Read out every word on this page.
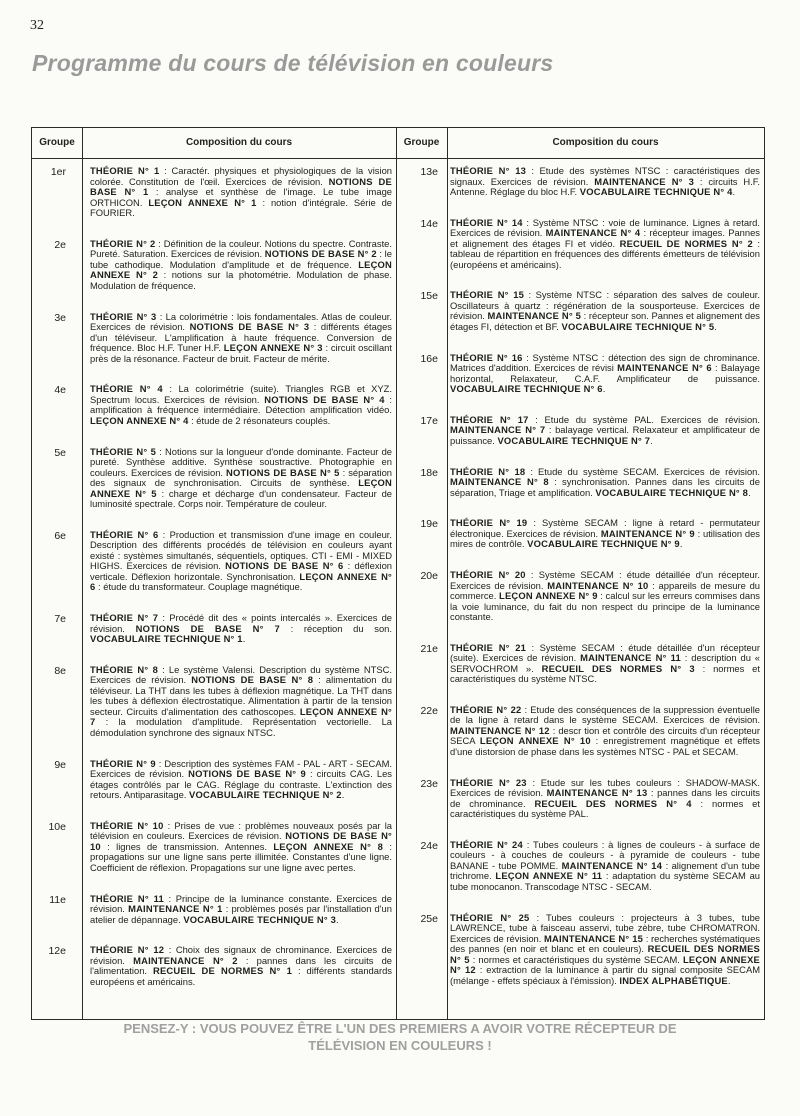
32
Programme du cours de télévision en couleurs
Groupe	Composition du cours	Groupe	Composition du cours
1er	THÉORIE N° 1 : Caractér. physiques et physiologiques de la vision colorée. Constitution de l'œil. Exercices de révision. NOTIONS DE BASE N° 1 : analyse et synthèse de l'image. Le tube image ORTHICON. LEÇON ANNEXE N° 1 : notion d'intégrale. Série de FOURIER.
2e	THÉORIE N° 2 : Définition de la couleur. Notions du spectre. Contraste. Pureté. Saturation. Exercices de révision. NOTIONS DE BASE N° 2 : le tube cathodique. Modulation d'amplitude et de fréquence. LEÇON ANNEXE N° 2 : notions sur la photométrie. Modulation de phase. Modulation de fréquence.
3e	THÉORIE N° 3 : La colorimétrie : lois fondamentales. Atlas de couleur. Exercices de révision. NOTIONS DE BASE N° 3 : différents étages d'un téléviseur. L'amplification à haute fréquence. Conversion de fréquence. Bloc H.F. Tuner H.F. LEÇON ANNEXE N° 3 : circuit oscillant près de la résonance. Facteur de bruit. Facteur de mérite.
4e	THÉORIE N° 4 : La colorimétrie (suite). Triangles RGB et XYZ. Spectrum locus. Exercices de révision. NOTIONS DE BASE N° 4 : amplification à fréquence intermédiaire. Détection amplification vidéo. LEÇON ANNEXE N° 4 : étude de 2 résonateurs couplés.
5e	THÉORIE N° 5 : Notions sur la longueur d'onde dominante. Facteur de pureté. Synthèse additive. Synthèse soustractive. Photographie en couleurs. Exercices de révision. NOTIONS DE BASE N° 5 : séparation des signaux de synchronisation. Circuits de synthèse. LEÇON ANNEXE N° 5 : charge et décharge d'un condensateur. Facteur de luminosité spectrale. Corps noir. Température de couleur.
6e	THÉORIE N° 6 : Production et transmission d'une image en couleur. Description des différents procédés de télévision en couleurs ayant existé : systèmes simultanés, séquentiels, optiques. CTI - EMI - MIXED HIGHS. Exercices de révision. NOTIONS DE BASE N° 6 : déflexion verticale. Déflexion horizontale. Synchronisation. LEÇON ANNEXE N° 6 : étude du transformateur. Couplage magnétique.
7e	THÉORIE N° 7 : Procédé dit des « points intercalés ». Exercices de révision. NOTIONS DE BASE N° 7 : réception du son. VOCABULAIRE TECHNIQUE N° 1.
8e	THÉORIE N° 8 : Le système Valensi. Description du système NTSC. Exercices de révision. NOTIONS DE BASE N° 8 : alimentation du téléviseur. La THT dans les tubes à déflexion magnétique. La THT dans les tubes à déflexion électrostatique. Alimentation à partir de la tension secteur. Circuits d'alimentation des cathoscopes. LEÇON ANNEXE N° 7 : la modulation d'amplitude. Représentation vectorielle. La démodulation synchrone des signaux NTSC.
9e	THÉORIE N° 9 : Description des systèmes FAM - PAL - ART - SECAM. Exercices de révision. NOTIONS DE BASE N° 9 : circuits CAG. Les étages contrôlés par le CAG. Réglage du contraste. L'extinction des retours. Antiparasitage. VOCABULAIRE TECHNIQUE N° 2.
10e	THÉORIE N° 10 : Prises de vue : problèmes nouveaux posés par la télévision en couleurs. Exercices de révision. NOTIONS DE BASE N° 10 : lignes de transmission. Antennes. LEÇON ANNEXE N° 8 : propagations sur une ligne sans perte illimitée. Constantes d'une ligne. Coefficient de réflexion. Propagations sur une ligne avec pertes.
11e	THÉORIE N° 11 : Principe de la luminance constante. Exercices de révision. MAINTENANCE N° 1 : problèmes posés par l'installation d'un atelier de dépannage. VOCABULAIRE TECHNIQUE N° 3.
12e	THÉORIE N° 12 : Choix des signaux de chrominance. Exercices de révision. MAINTENANCE N° 2 : pannes dans les circuits de l'alimentation. RECUEIL DE NORMES N° 1 : différents standards européens et américains.
13e THÉORIE N° 13 : Etude des systèmes NTSC : caractéristiques des signaux. Exercices de révision. MAINTENANCE N° 3 : circuits H.F. Antenne. Réglage du bloc H.F. VOCABULAIRE TECHNIQUE N° 4.
14e THÉORIE N° 14 : Système NTSC : voie de luminance. Lignes à retard. Exercices de révision. MAINTENANCE N° 4 : récepteur images. Pannes et alignement des étages FI et vidéo. RECUEIL DE NORMES N° 2 : tableau de répartition en fréquences des différents émetteurs de télévision (européens et américains).
15e THÉORIE N° 15 : Système NTSC : séparation des salves de couleur. Oscillateurs à quartz : régénération de la sousporteuse. Exercices de révision. MAINTENANCE N° 5 : récepteur son. Pannes et alignement des étages FI, détection et BF. VOCABULAIRE TECHNIQUE N° 5.
16e THÉORIE N° 16 : Système NTSC : détection des sign de chrominance. Matrices d'addition. Exercices de révisi MAINTENANCE N° 6 : Balayage horizontal, Relaxateur, C.A.F. Amplificateur de puissance. VOCABULAIRE TECHNIQUE N° 6.
17e THÉORIE N° 17 : Etude du système PAL. Exercices de révision. MAINTENANCE N° 7 : balayage vertical. Relaxateur et amplificateur de puissance. VOCABULAIRE TECHNIQUE N° 7.
18e THÉORIE N° 18 : Etude du système SECAM. Exercices de révision. MAINTENANCE N° 8 : synchronisation. Pannes dans les circuits de séparation, Triage et amplification. VOCABULAIRE TECHNIQUE N° 8.
19e THÉORIE N° 19 : Système SECAM : ligne à retard - permutateur électronique. Exercices de révision. MAINTENANCE N° 9 : utilisation des mires de contrôle. VOCABULAIRE TECHNIQUE N° 9.
20e THÉORIE N° 20 : Système SECAM : étude détaillée d'un récepteur. Exercices de révision. MAINTENANCE N° 10 : appareils de mesure du commerce. LEÇON ANNEXE N° 9 : calcul sur les erreurs commises dans la voie luminance, du fait du non respect du principe de la luminance constante.
21e THÉORIE N° 21 : Système SECAM : étude détaillée d'un récepteur (suite). Exercices de révision. MAINTENANCE N° 11 : description du « SERVOCHROM ». RECUEIL DES NORMES N° 3 : normes et caractéristiques du système NTSC.
22e THÉORIE N° 22 : Etude des conséquences de la suppression éventuelle de la ligne à retard dans le système SECAM. Exercices de révision. MAINTENANCE N° 12 : descr tion et contrôle des circuits d'un récepteur SECA LEÇON ANNEXE N° 10 : enregistrement magnétique et effets d'une distorsion de phase dans les systèmes NTSC - PAL et SECAM.
23e THÉORIE N° 23 : Etude sur les tubes couleurs : SHADOW-MASK. Exercices de révision. MAINTENANCE N° 13 : pannes dans les circuits de chrominance. RECUEIL DES NORMES N° 4 : normes et caractéristiques du système PAL.
24e THÉORIE N° 24 : Tubes couleurs : à lignes de couleurs - à surface de couleurs - à couches de couleurs - à pyramide de couleurs - tube BANANE - tube POMME. MAINTENANCE N° 14 : alignement d'un tube trichrome. LEÇON ANNEXE N° 11 : adaptation du système SECAM au tube monocanon. Transcodage NTSC - SECAM.
25e THÉORIE N° 25 : Tubes couleurs : projecteurs à 3 tubes, tube LAWRENCE, tube à faisceau asservi, tube zèbre, tube CHROMATRON. Exercices de révision. MAINTENANCE N° 15 : recherches systématiques des pannes (en noir et blanc et en couleurs). RECUEIL DES NORMES N° 5 : normes et caractéristiques du système SECAM. LEÇON ANNEXE N° 12 : extraction de la luminance à partir du signal composite SECAM (mélange - effets spéciaux à l'émission). INDEX ALPHABÉTIQUE.
PENSEZ-Y : VOUS POUVEZ ÊTRE L'UN DES PREMIERS A AVOIR VOTRE RÉCEPTEUR DE
TÉLÉVISION EN COULEURS !
